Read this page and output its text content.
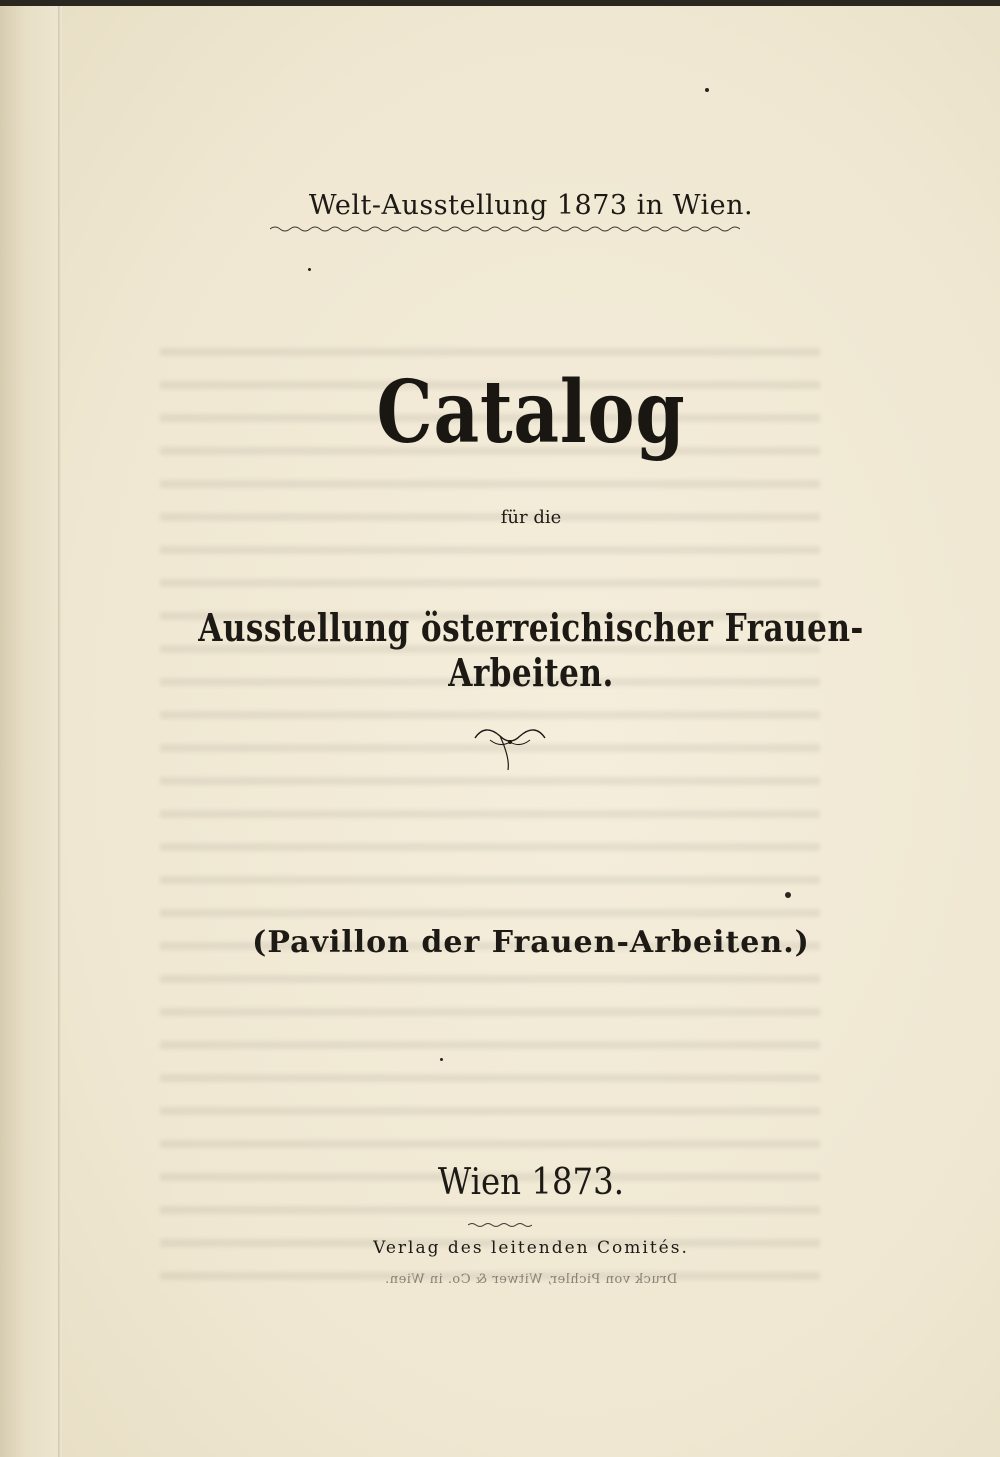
Welt-Ausstellung 1873 in Wien.
Catalog
für die
Ausstellung österreichischer Frauen-Arbeiten.
(Pavillon der Frauen-Arbeiten.)
Wien 1873.
Verlag des leitenden Comités.
Druck von Pichler, Witwer & Co. in Wien.
